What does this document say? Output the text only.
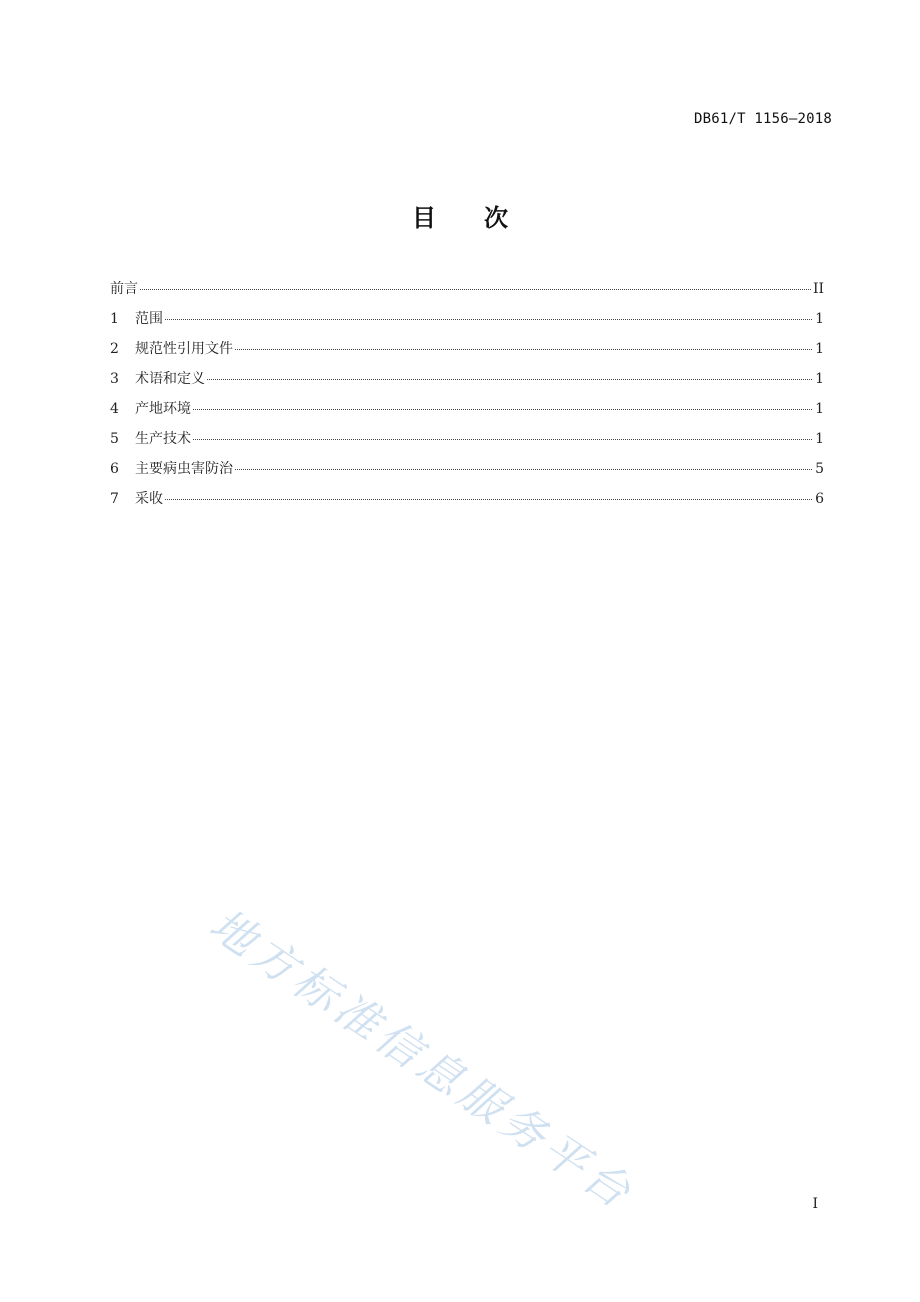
DB61/T 1156—2018
目 次
前言	II
1	范围	1
2	规范性引用文件	1
3	术语和定义	1
4	产地环境	1
5	生产技术	1
6	主要病虫害防治	5
7	采收	6
地方标准信息服务平台	I
